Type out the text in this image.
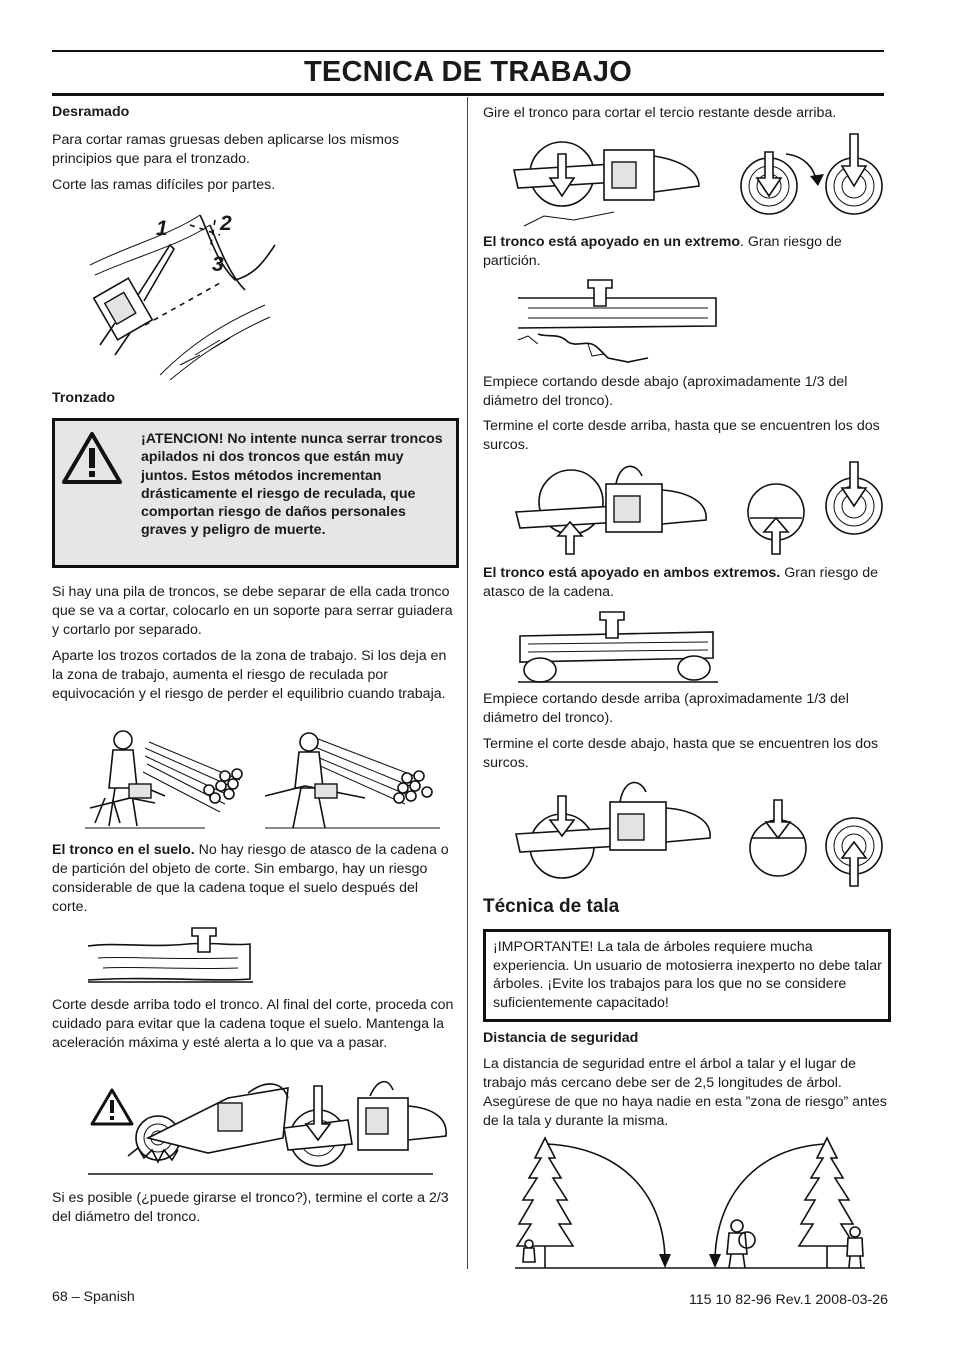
TECNICA DE TRABAJO

Desramado

Para cortar ramas gruesas deben aplicarse los mismos principios que para el tronzado.

Corte las ramas difíciles por partes.

1 2
3

Tronzado

¡ATENCION! No intente nunca serrar troncos apilados ni dos troncos que están muy juntos. Estos métodos incrementan drásticamente el riesgo de reculada, que comportan riesgo de daños personales graves y peligro de muerte.

Si hay una pila de troncos, se debe separar de ella cada tronco que se va a cortar, colocarlo en un soporte para serrar guiadera y cortarlo por separado.

Aparte los trozos cortados de la zona de trabajo. Si los deja en la zona de trabajo, aumenta el riesgo de reculada por equivocación y el riesgo de perder el equilibrio cuando trabaja.

El tronco en el suelo. No hay riesgo de atasco de la cadena o de partición del objeto de corte. Sin embargo, hay un riesgo considerable de que la cadena toque el suelo después del corte.

Corte desde arriba todo el tronco. Al final del corte, proceda con cuidado para evitar que la cadena toque el suelo. Mantenga la aceleración máxima y esté alerta a lo que va a pasar.

Si es posible (¿puede girarse el tronco?), termine el corte a 2/3 del diámetro del tronco.

Gire el tronco para cortar el tercio restante desde arriba.

El tronco está apoyado en un extremo. Gran riesgo de partición.

Empiece cortando desde abajo (aproximadamente 1/3 del diámetro del tronco).

Termine el corte desde arriba, hasta que se encuentren los dos surcos.

El tronco está apoyado en ambos extremos. Gran riesgo de atasco de la cadena.

Empiece cortando desde arriba (aproximadamente 1/3 del diámetro del tronco).

Termine el corte desde abajo, hasta que se encuentren los dos surcos.

Técnica de tala

¡IMPORTANTE! La tala de árboles requiere mucha experiencia. Un usuario de motosierra inexperto no debe talar árboles. ¡Evite los trabajos para los que no se considere suficientemente capacitado!

Distancia de seguridad

La distancia de seguridad entre el árbol a talar y el lugar de trabajo más cercano debe ser de 2,5 longitudes de árbol. Asegúrese de que no haya nadie en esta ”zona de riesgo” antes de la tala y durante la misma.

68 – Spanish	115 10 82-96 Rev.1 2008-03-26
